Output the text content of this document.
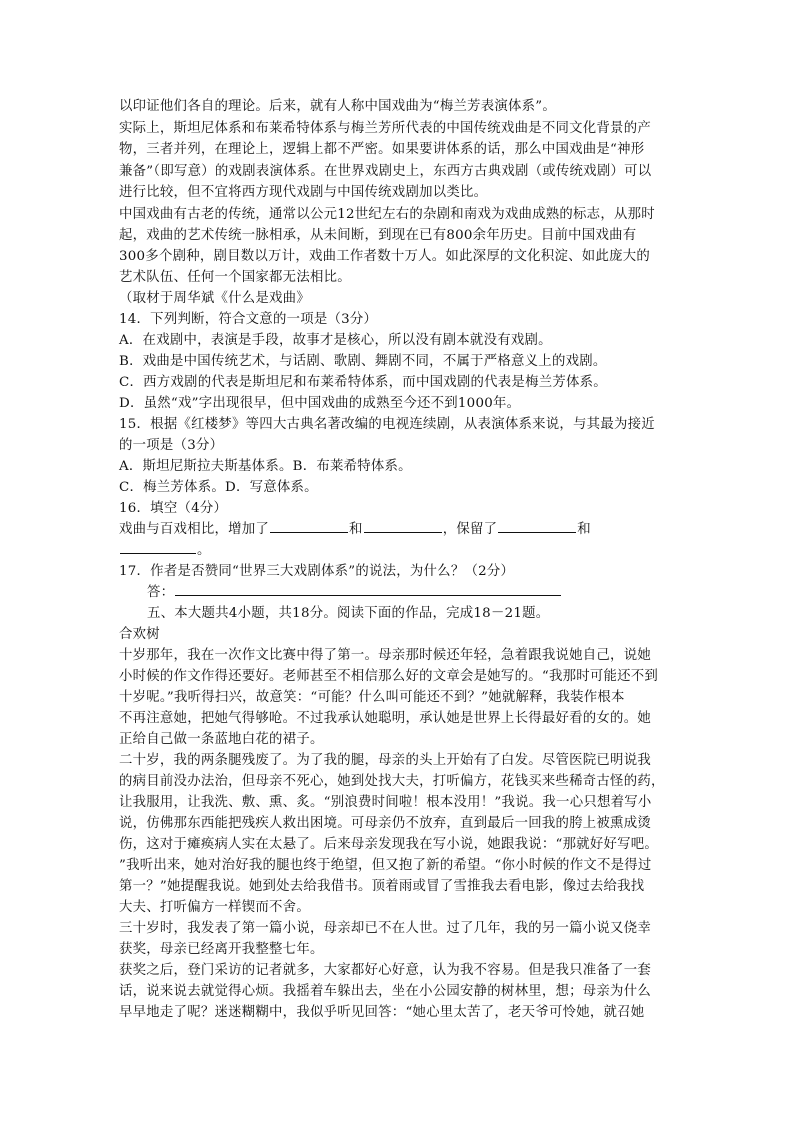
以印证他们各自的理论。后来，就有人称中国戏曲为“梅兰芳表演体系”。
实际上，斯坦尼体系和布莱希特体系与梅兰芳所代表的中国传统戏曲是不同文化背景的产
物，三者并列，在理论上，逻辑上都不严密。如果要讲体系的话，那么中国戏曲是“神形
兼备”（即写意）的戏剧表演体系。在世界戏剧史上，东西方古典戏剧（或传统戏剧）可以
进行比较，但不宜将西方现代戏剧与中国传统戏剧加以类比。
中国戏曲有古老的传统，通常以公元12世纪左右的杂剧和南戏为戏曲成熟的标志，从那时
起，戏曲的艺术传统一脉相承，从未间断，到现在已有800余年历史。目前中国戏曲有
300多个剧种，剧目数以万计，戏曲工作者数十万人。如此深厚的文化积淀、如此庞大的
艺术队伍、任何一个国家都无法相比。
（取材于周华斌《什么是戏曲》
14．下列判断，符合文意的一项是（3分）
A．在戏剧中，表演是手段，故事才是核心，所以没有剧本就没有戏剧。
B．戏曲是中国传统艺术，与话剧、歌剧、舞剧不同，不属于严格意义上的戏剧。
C．西方戏剧的代表是斯坦尼和布莱希特体系，而中国戏剧的代表是梅兰芳体系。
D．虽然“戏”字出现很早，但中国戏曲的成熟至今还不到1000年。
15．根据《红楼梦》等四大古典名著改编的电视连续剧，从表演体系来说，与其最为接近
的一项是（3分）
A．斯坦尼斯拉夫斯基体系。B．布莱希特体系。
C．梅兰芳体系。D．写意体系。
16．填空（4分）
戏曲与百戏相比，增加了	和	，保留了	和
。
17．作者是否赞同“世界三大戏剧体系”的说法，为什么？（2分）
答：
五、本大题共4小题，共18分。阅读下面的作品，完成18－21题。
合欢树
十岁那年，我在一次作文比赛中得了第一。母亲那时候还年轻，急着跟我说她自己，说她
小时候的作文作得还要好。老师甚至不相信那么好的文章会是她写的。“我那时可能还不到
十岁呢。”我听得扫兴，故意笑：“可能？什么叫可能还不到？”她就解释，我装作根本
不再注意她，把她气得够呛。不过我承认她聪明，承认她是世界上长得最好看的女的。她
正给自己做一条蓝地白花的裙子。
二十岁，我的两条腿残废了。为了我的腿，母亲的头上开始有了白发。尽管医院已明说我
的病目前没办法治，但母亲不死心，她到处找大夫，打听偏方，花钱买来些稀奇古怪的药，
让我服用，让我洗、敷、熏、炙。“别浪费时间啦！根本没用！”我说。我一心只想着写小
说，仿佛那东西能把残疾人救出困境。可母亲仍不放弃，直到最后一回我的胯上被熏成烫
伤，这对于瘫痪病人实在太悬了。后来母亲发现我在写小说，她跟我说：“那就好好写吧。
”我听出来，她对治好我的腿也终于绝望，但又抱了新的希望。“你小时候的作文不是得过
第一？”她提醒我说。她到处去给我借书。顶着雨或冒了雪推我去看电影，像过去给我找
大夫、打听偏方一样锲而不舍。
三十岁时，我发表了第一篇小说，母亲却已不在人世。过了几年，我的另一篇小说又侥幸
获奖，母亲已经离开我整整七年。
获奖之后，登门采访的记者就多，大家都好心好意，认为我不容易。但是我只准备了一套
话，说来说去就觉得心烦。我摇着车躲出去，坐在小公园安静的树林里，想；母亲为什么
早早地走了呢？迷迷糊糊中，我似乎听见回答：“她心里太苦了，老天爷可怜她，就召她
